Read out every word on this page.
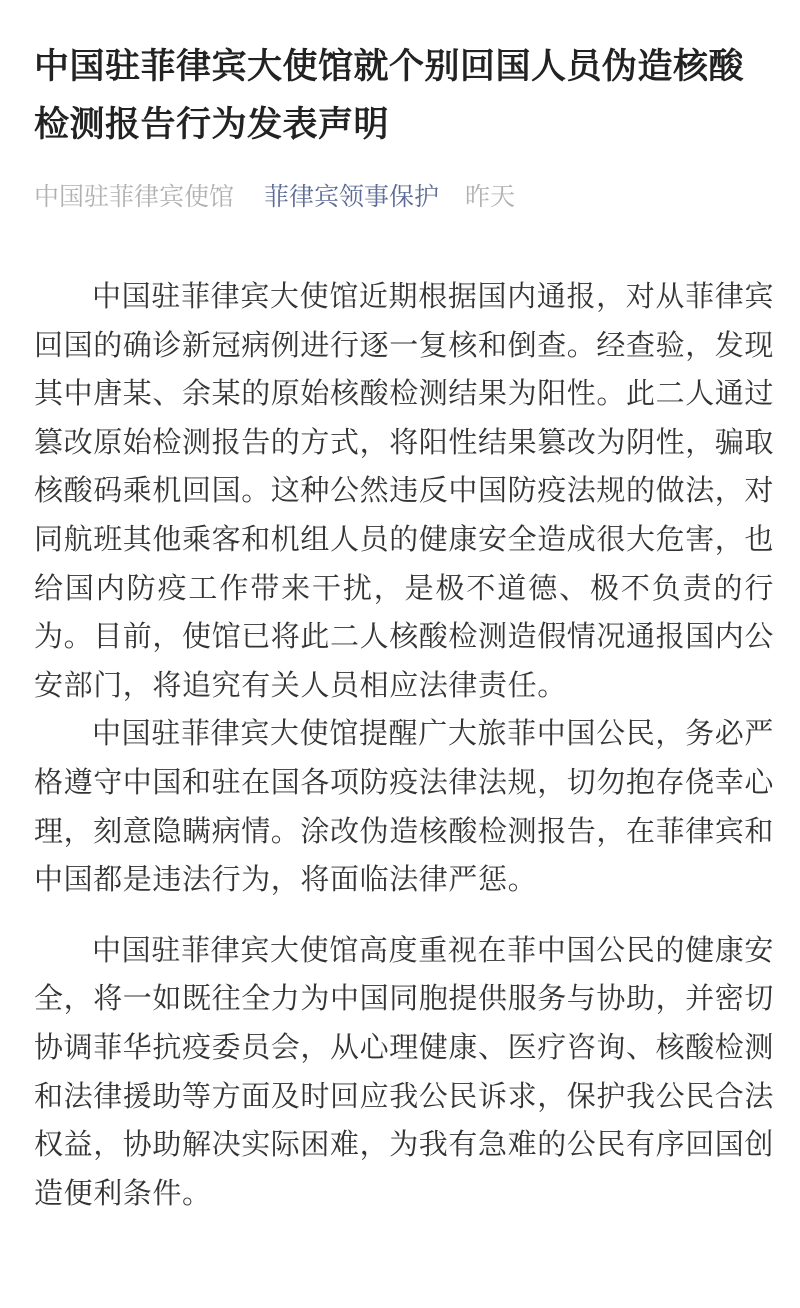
中国驻菲律宾大使馆就个别回国人员伪造核酸检测报告行为发表声明
中国驻菲律宾使馆 菲律宾领事保护 昨天

中国驻菲律宾大使馆近期根据国内通报，对从菲律宾回国的确诊新冠病例进行逐一复核和倒查。经查验，发现其中唐某、余某的原始核酸检测结果为阳性。此二人通过篡改原始检测报告的方式，将阳性结果篡改为阴性，骗取核酸码乘机回国。这种公然违反中国防疫法规的做法，对同航班其他乘客和机组人员的健康安全造成很大危害，也给国内防疫工作带来干扰，是极不道德、极不负责的行为。目前，使馆已将此二人核酸检测造假情况通报国内公安部门，将追究有关人员相应法律责任。

中国驻菲律宾大使馆提醒广大旅菲中国公民，务必严格遵守中国和驻在国各项防疫法律法规，切勿抱存侥幸心理，刻意隐瞒病情。涂改伪造核酸检测报告，在菲律宾和中国都是违法行为，将面临法律严惩。

中国驻菲律宾大使馆高度重视在菲中国公民的健康安全，将一如既往全力为中国同胞提供服务与协助，并密切协调菲华抗疫委员会，从心理健康、医疗咨询、核酸检测和法律援助等方面及时回应我公民诉求，保护我公民合法权益，协助解决实际困难，为我有急难的公民有序回国创造便利条件。
